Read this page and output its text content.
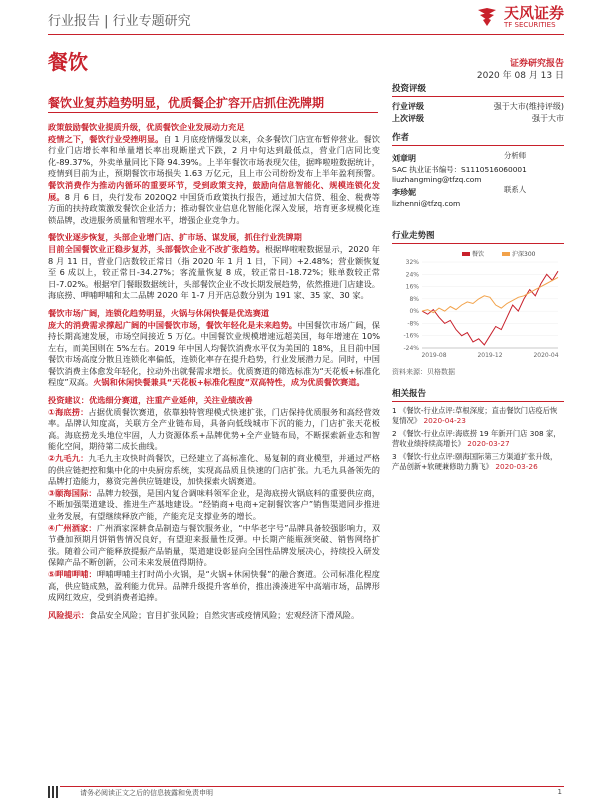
行业报告 | 行业专题研究	天风证券
TF SECURITIES
餐饮	证券研究报告
2020 年 08 月 13 日
餐饮业复苏趋势明显，优质餐企扩容开店抓住洗牌期

政策鼓励餐饮业提质升级，优质餐饮企业发展动力充足
疫情之下，餐饮行业受挫明显。自 1 月底疫情爆发以来，众多餐饮门店宣布暂停营业。餐饮行业门店增长率和单量增长率出现断崖式下跌，2 月中旬达到最低点，营业门店同比变化-89.37%，外卖单量同比下降 94.39%。上半年餐饮市场表现欠佳，据哗啦啦数据统计，疫情到目前为止，预期餐饮市场损失 1.63 万亿元，且上市公司纷纷发布上半年盈利预警。餐饮消费作为推动内循环的重要环节，受到政策支持，鼓励向信息智能化、规模连锁化发展。8 月 6 日，央行发布 2020Q2 中国货币政策执行报告，通过加大信贷、租金、税费等方面的扶持政策激发餐饮企业活力；推动餐饮业信息化智能化深入发展，培育更多规模化连锁品牌，改进服务质量和管理水平，增强企业竞争力。

餐饮业逐步恢复，头部企业增门店、扩市场、谋发展，抓住行业洗牌期
目前全国餐饮业正稳步复苏，头部餐饮企业不改扩张趋势。根据哗啦啦数据显示，2020 年 8 月 11 日，营业门店数较正常日（指 2020 年 1 月 1 日，下同）+2.48%；营业额恢复至 6 成以上，较正常日-34.27%；客流量恢复 8 成，较正常日-18.72%；账单数较正常日-7.02%。根据窄门餐眼数据统计，头部餐饮企业不改长期发展趋势，依然推进门店建设。海底捞、呷哺呷哺和太二品牌 2020 年 1-7 月开店总数分别为 191 家、35 家、30 家。

餐饮市场广阔，连锁化趋势明显，火锅与休闲快餐是优选赛道
庞大的消费需求撑起广阔的中国餐饮市场，餐饮年轻化是未来趋势。中国餐饮市场广阔，保持长期高速发展，市场空间接近 5 万亿。中国餐饮业规模增速远超美国，每年增速在 10%左右，而美国则在 5%左右。2019 年中国人均餐饮消费水平仅为美国的 18%，且目前中国餐饮市场高度分散且连锁化率偏低，连锁化率存在提升趋势，行业发展潜力足。同时，中国餐饮消费主体愈发年轻化，拉动外出就餐需求增长。优质赛道的筛选标准为“天花板+标准化程度”双高。火锅和休闲快餐兼具“天花板+标准化程度”双高特性，成为优质餐饮赛道。

投资建议：优选细分赛道，注重产业延伸，关注业绩改善
①海底捞：占据优质餐饮赛道，依靠独特管理模式快速扩张，门店保持优质服务和高经营效率。品牌认知度高，关联方全产业链布局，具备向低线城市下沉的能力，门店扩张天花板高。海底捞龙头地位牢固，人力资源体系+品牌优势+全产业链布局，不断探索新业态和智能化空间，期待第二成长曲线。
②九毛九：九毛九主攻快时尚餐饮，已经建立了高标准化、易复制的商业模型，并通过严格的供应链把控和集中化的中央厨房系统，实现高品质且快速的门店扩张。九毛九具备领先的品牌打造能力，募资完善供应链建设，加快探索火锅赛道。
③颐海国际：品牌力较强，是国内复合调味料领军企业，是海底捞火锅底料的重要供应商，不断加强渠道建设、推进生产基地建设。“经销商+电商+定制餐饮客户”销售渠道同步推进业务发展，有望继续释放产能，产能充足支撑业务的增长。
④广州酒家：广州酒家深耕食品制造与餐饮服务业，“中华老字号”品牌具备较强影响力，双节叠加预期月饼销售情况良好，有望迎来报量性反弹。中长期产能瓶颈突破、销售网络扩张。随着公司产能释放提振产品销量，渠道建设彰显向全国性品牌发展决心，持续投入研发保障产品不断创新，公司未来发展值得期待。
⑤呷哺呷哺：呷哺呷哺主打时尚小火锅，是“火锅+休闲快餐”的融合赛道。公司标准化程度高，供应链成熟，盈利能力优异。品牌升级提升客单价，推出湊湊进军中高端市场，品牌形成网红效应，受到消费者追捧。

风险提示：食品安全风险；盲目扩张风险；自然灾害或疫情风险；宏观经济下滑风险。

投资评级
行业评级	强于大市(维持评级)
上次评级	强于大市
作者
刘章明	分析师
SAC 执业证书编号：S1110516060001
liuzhangming@tfzq.com
李珍妮	联系人
lizhenni@tfzq.com
行业走势图
32%
24%
16%
8%
0%
-8%
-16%
-24%
2019-08	2019-12	2020-04
餐饮	沪深300
资料来源：贝格数据
相关报告
1 《餐饮-行业点评:草根深度；直击餐饮门店疫后恢复情况》 2020-04-23
2 《餐饮-行业点评:海底捞 19 年新开门店 308 家，营收业绩持续高增长》 2020-03-27
3 《餐饮-行业点评:颐海国际第三方渠道扩张升级，产品创新+软硬兼修助力腾飞》 2020-03-26
请务必阅读正文之后的信息披露和免责申明	1
